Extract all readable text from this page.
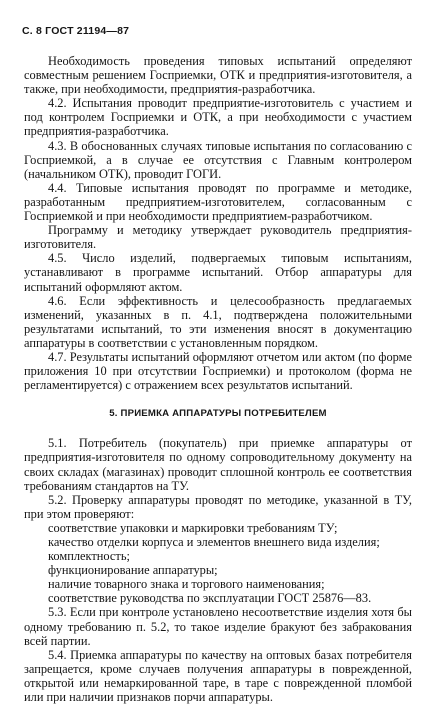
С. 8 ГОСТ 21194—87

Необходимость проведения типовых испытаний определяют совместным решением Госприемки, ОТК и предприятия-изготовителя, а также, при необходимости, предприятия-разработчика.

4.2. Испытания проводит предприятие-изготовитель с участием и под контролем Госприемки и ОТК, а при необходимости с участием предприятия-разработчика.

4.3. В обоснованных случаях типовые испытания по согласованию с Госприемкой, а в случае ее отсутствия с Главным контролером (начальником ОТК), проводит ГОГИ.

4.4. Типовые испытания проводят по программе и методике, разработанным предприятием-изготовителем, согласованным с Госприемкой и при необходимости предприятием-разработчиком.

Программу и методику утверждает руководитель предприятия-изготовителя.

4.5. Число изделий, подвергаемых типовым испытаниям, устанавливают в программе испытаний. Отбор аппаратуры для испытаний оформляют актом.

4.6. Если эффективность и целесообразность предлагаемых изменений, указанных в п. 4.1, подтверждена положительными результатами испытаний, то эти изменения вносят в документацию аппаратуры в соответствии с установленным порядком.

4.7. Результаты испытаний оформляют отчетом или актом (по форме приложения 10 при отсутствии Госприемки) и протоколом (форма не регламентируется) с отражением всех результатов испытаний.

5. ПРИЕМКА АППАРАТУРЫ ПОТРЕБИТЕЛЕМ

5.1. Потребитель (покупатель) при приемке аппаратуры от предприятия-изготовителя по одному сопроводительному документу на своих складах (магазинах) проводит сплошной контроль ее соответствия требованиям стандартов на ТУ.

5.2. Проверку аппаратуры проводят по методике, указанной в ТУ, при этом проверяют:

соответствие упаковки и маркировки требованиям ТУ;

качество отделки корпуса и элементов внешнего вида изделия;

комплектность;

функционирование аппаратуры;

наличие товарного знака и торгового наименования;

соответствие руководства по эксплуатации ГОСТ 25876—83.

5.3. Если при контроле установлено несоответствие изделия хотя бы одному требованию п. 5.2, то такое изделие бракуют без забракования всей партии.

5.4. Приемка аппаратуры по качеству на оптовых базах потребителя запрещается, кроме случаев получения аппаратуры в поврежденной, открытой или немаркированной таре, в таре с поврежденной пломбой или при наличии признаков порчи аппаратуры.
